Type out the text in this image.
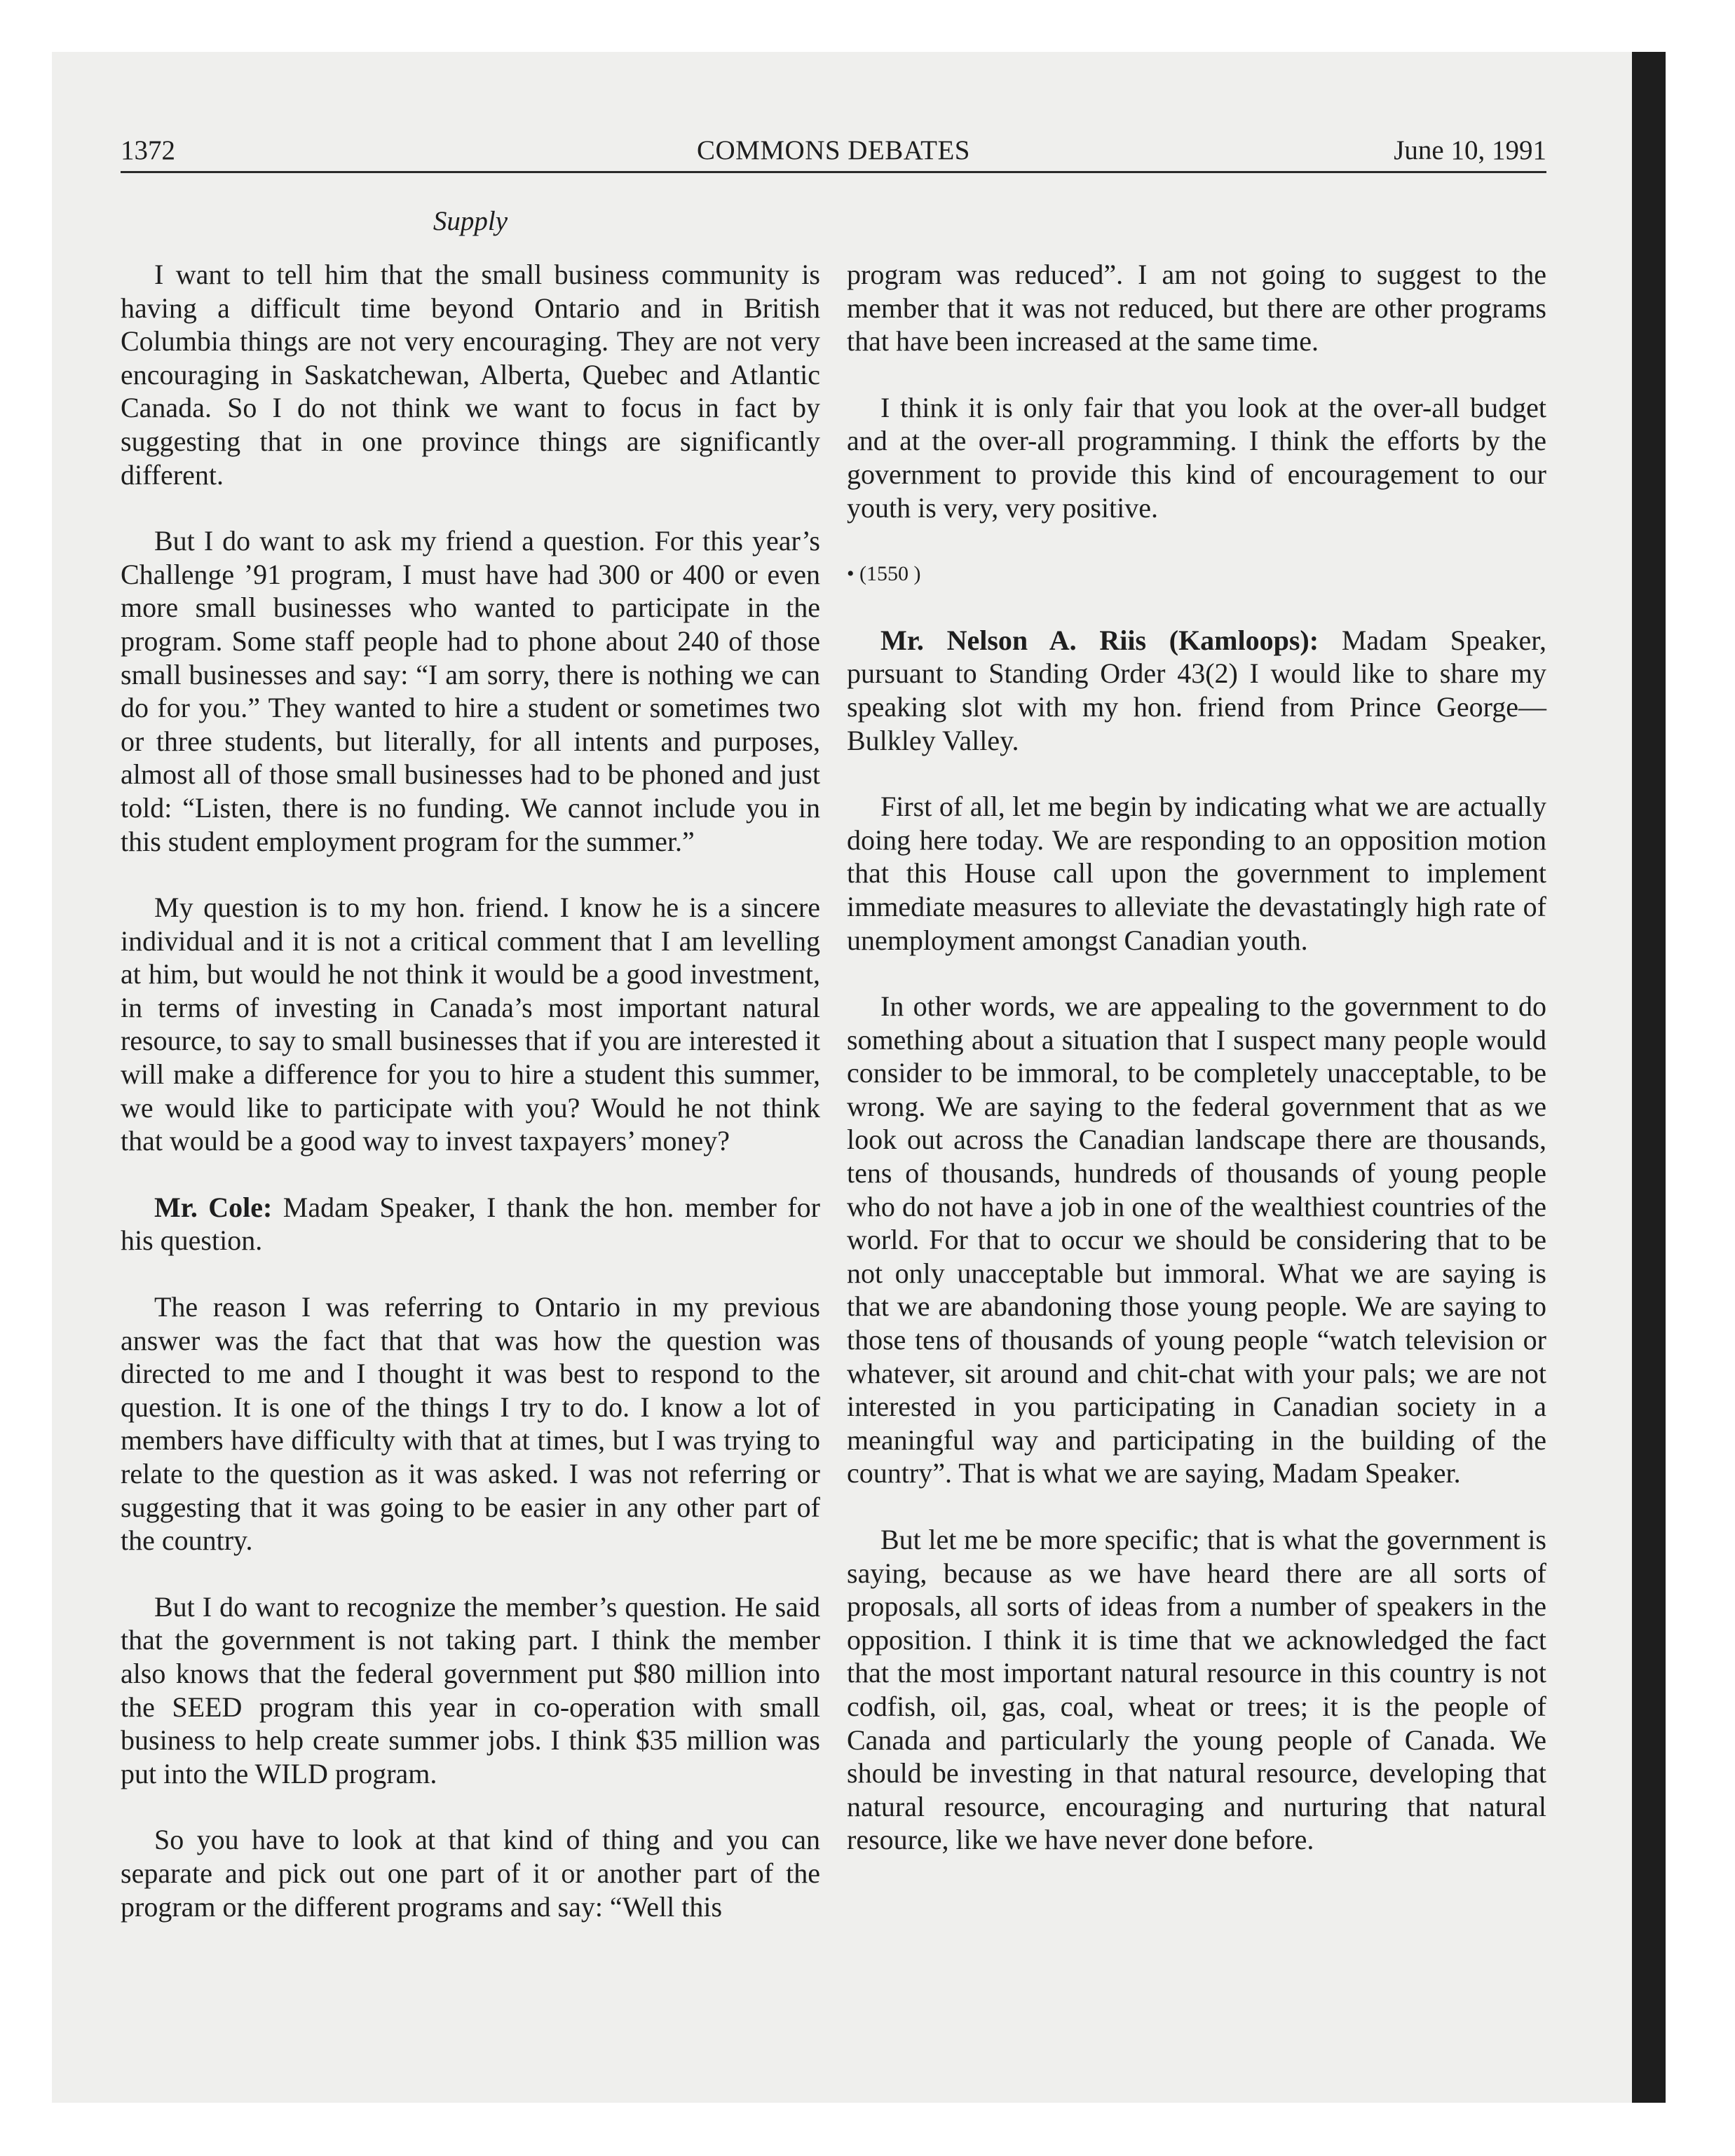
1372	COMMONS DEBATES	June 10, 1991
Supply

I want to tell him that the small business community is having a difficult time beyond Ontario and in British Columbia things are not very encouraging. They are not very encouraging in Saskatchewan, Alberta, Quebec and Atlantic Canada. So I do not think we want to focus in fact by suggesting that in one province things are significantly different.

But I do want to ask my friend a question. For this year’s Challenge ’91 program, I must have had 300 or 400 or even more small businesses who wanted to participate in the program. Some staff people had to phone about 240 of those small businesses and say: “I am sorry, there is nothing we can do for you.” They wanted to hire a student or sometimes two or three students, but literally, for all intents and purposes, almost all of those small businesses had to be phoned and just told: “Listen, there is no funding. We cannot include you in this student employment program for the summer.”

My question is to my hon. friend. I know he is a sincere individual and it is not a critical comment that I am levelling at him, but would he not think it would be a good investment, in terms of investing in Canada’s most important natural resource, to say to small businesses that if you are interested it will make a difference for you to hire a student this summer, we would like to participate with you? Would he not think that would be a good way to invest taxpayers’ money?

Mr. Cole: Madam Speaker, I thank the hon. member for his question.

The reason I was referring to Ontario in my previous answer was the fact that that was how the question was directed to me and I thought it was best to respond to the question. It is one of the things I try to do. I know a lot of members have difficulty with that at times, but I was trying to relate to the question as it was asked. I was not referring or suggesting that it was going to be easier in any other part of the country.

But I do want to recognize the member’s question. He said that the government is not taking part. I think the member also knows that the federal government put $80 million into the SEED program this year in co-operation with small business to help create summer jobs. I think $35 million was put into the WILD program.

So you have to look at that kind of thing and you can separate and pick out one part of it or another part of the program or the different programs and say: “Well this

program was reduced”. I am not going to suggest to the member that it was not reduced, but there are other programs that have been increased at the same time.

I think it is only fair that you look at the over-all budget and at the over-all programming. I think the efforts by the government to provide this kind of encouragement to our youth is very, very positive.

• (1550 )

Mr. Nelson A. Riis (Kamloops): Madam Speaker, pursuant to Standing Order 43(2) I would like to share my speaking slot with my hon. friend from Prince George—Bulkley Valley.

First of all, let me begin by indicating what we are actually doing here today. We are responding to an opposition motion that this House call upon the government to implement immediate measures to alleviate the devastatingly high rate of unemployment amongst Canadian youth.

In other words, we are appealing to the government to do something about a situation that I suspect many people would consider to be immoral, to be completely unacceptable, to be wrong. We are saying to the federal government that as we look out across the Canadian landscape there are thousands, tens of thousands, hundreds of thousands of young people who do not have a job in one of the wealthiest countries of the world. For that to occur we should be considering that to be not only unacceptable but immoral. What we are saying is that we are abandoning those young people. We are saying to those tens of thousands of young people “watch television or whatever, sit around and chit-chat with your pals; we are not interested in you participating in Canadian society in a meaningful way and participating in the building of the country”. That is what we are saying, Madam Speaker.

But let me be more specific; that is what the government is saying, because as we have heard there are all sorts of proposals, all sorts of ideas from a number of speakers in the opposition. I think it is time that we acknowledged the fact that the most important natural resource in this country is not codfish, oil, gas, coal, wheat or trees; it is the people of Canada and particularly the young people of Canada. We should be investing in that natural resource, developing that natural resource, encouraging and nurturing that natural resource, like we have never done before.
